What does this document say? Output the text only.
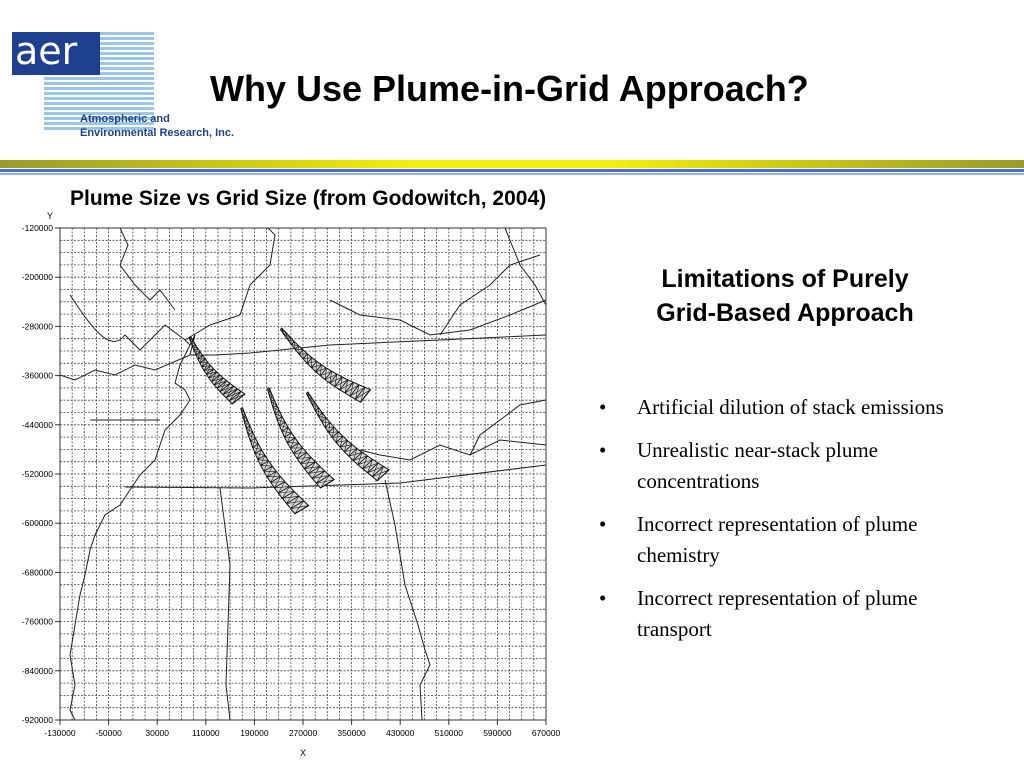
aer
Atmospheric and
Environmental Research, Inc.
Why Use Plume-in-Grid Approach?
Plume Size vs Grid Size (from Godowitch, 2004)
-130000 -50000	30000	110000 190000 270000 350000 430000 510000 590000 670000
-120000
-200000
-280000
-360000
-440000
-520000
-600000
-680000
-760000
-840000
-920000
X
Y
Limitations of Purely
Grid-Based Approach
• Artificial dilution of stack emissions
• Unrealistic near-stack plume concentrations
• Incorrect representation of plume chemistry
• Incorrect representation of plume transport
